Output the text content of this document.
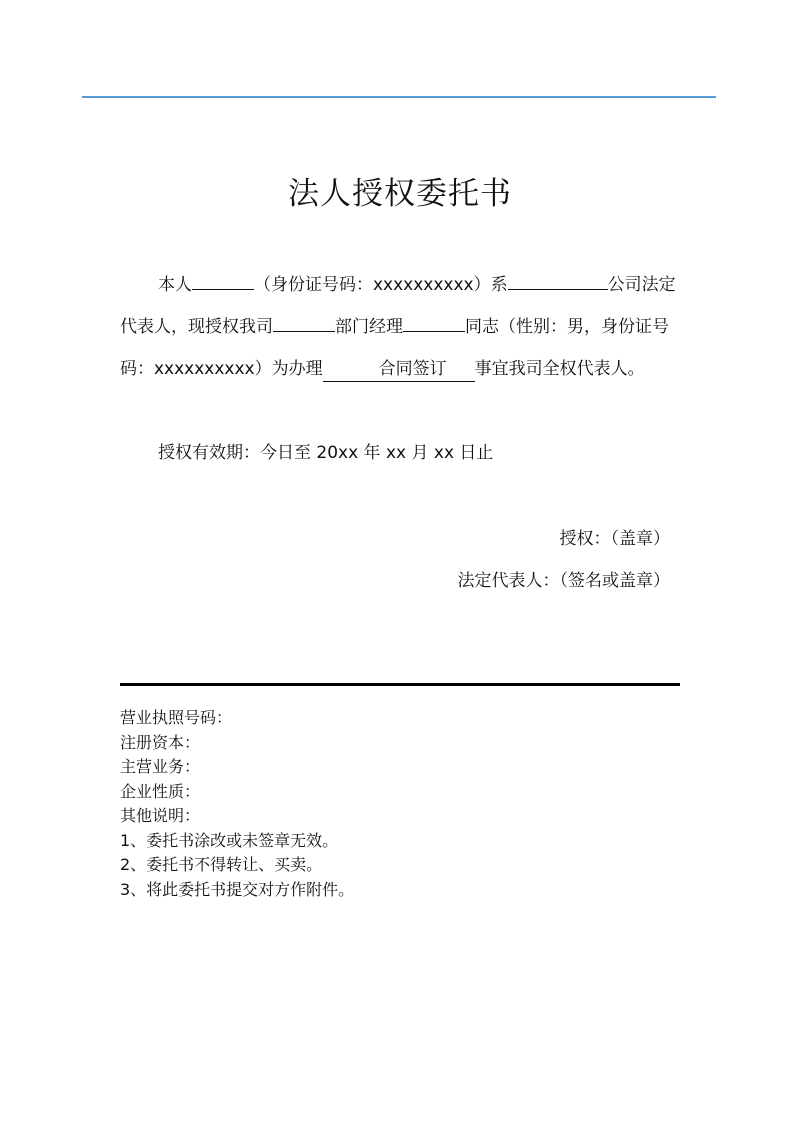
法人授权委托书
本人	（身份证号码：xxxxxxxxxx）系	公司法定代表人，现授权我司	部门经理	同志（性别：男，身份证号码：xxxxxxxxxx）为办理	合同签订 事宜我司全权代表人。
授权有效期：今日至 20xx 年 xx 月 xx 日止
授权：（盖章）
法定代表人：（签名或盖章）
营业执照号码：
注册资本：
主营业务：
企业性质：
其他说明：
1、委托书涂改或未签章无效。
2、委托书不得转让、买卖。
3、将此委托书提交对方作附件。
